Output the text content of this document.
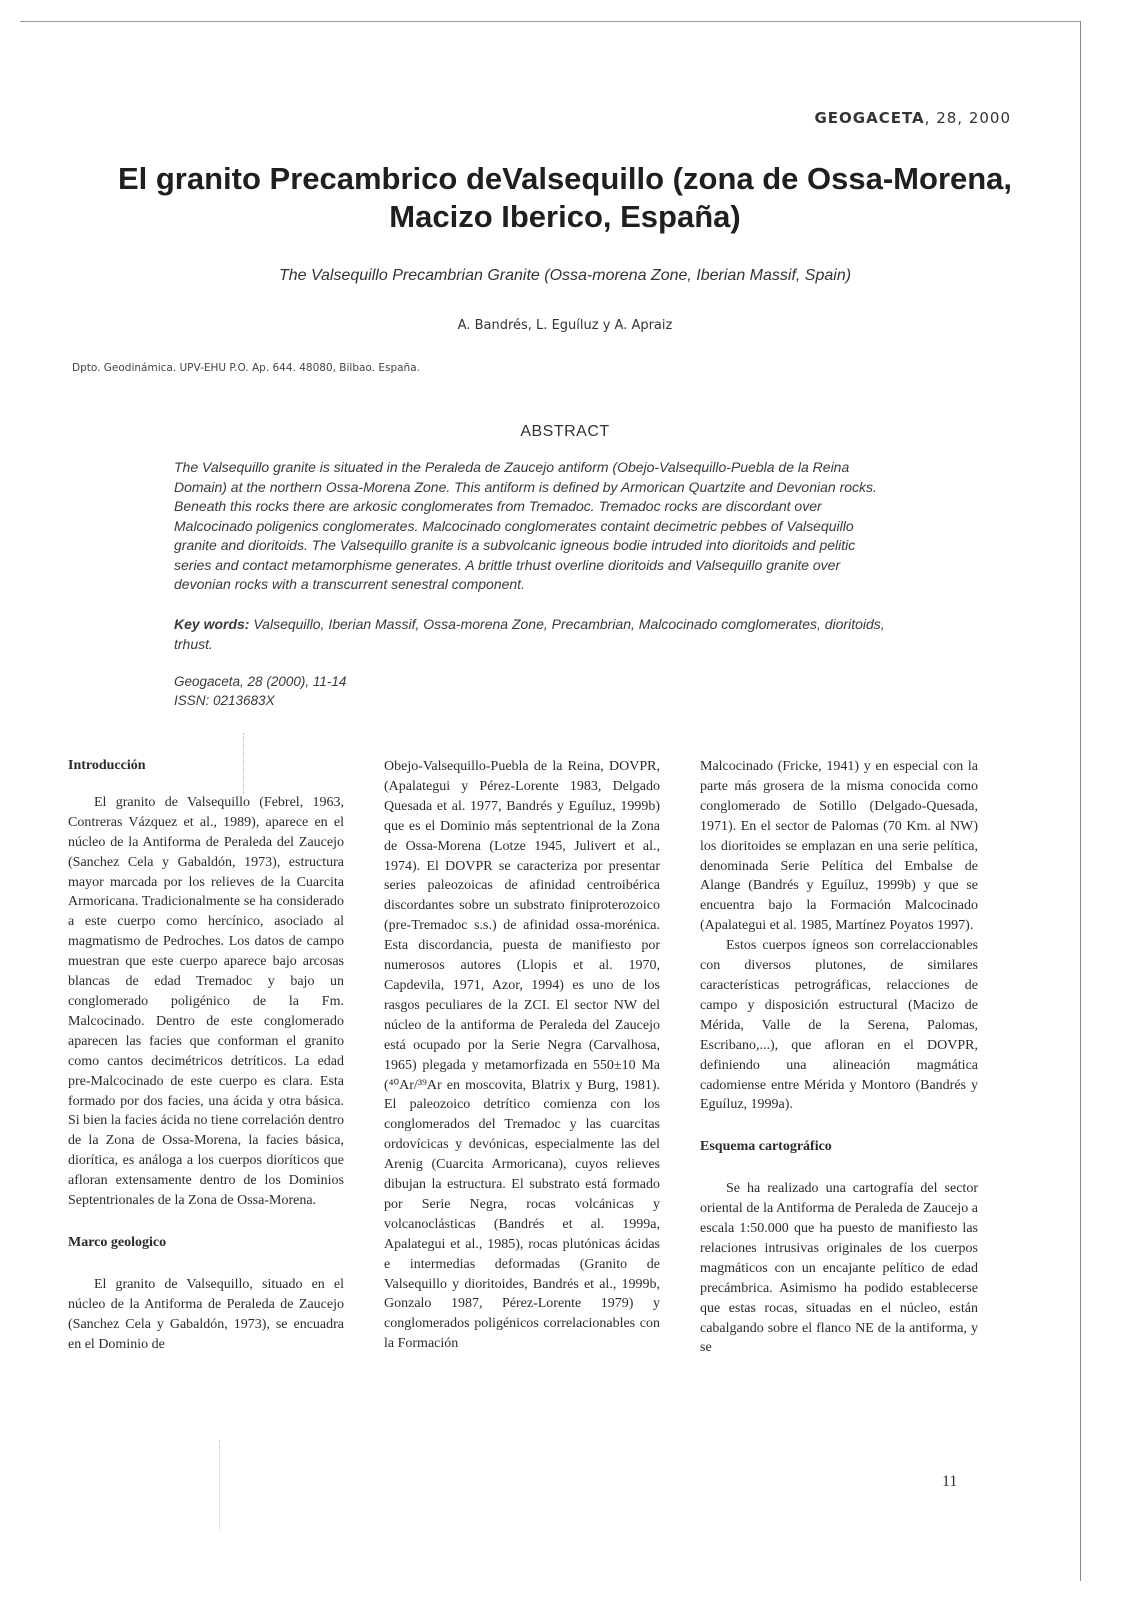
GEOGACETA, 28, 2000
El granito Precambrico deValsequillo (zona de Ossa-Morena,
Macizo Iberico, España)
The Valsequillo Precambrian Granite (Ossa-morena Zone, Iberian Massif, Spain)
A. Bandrés, L. Eguíluz y A. Apraiz
Dpto. Geodinámica. UPV-EHU P.O. Ap. 644. 48080, Bilbao. España.
ABSTRACT

The Valsequillo granite is situated in the Peraleda de Zaucejo antiform (Obejo-Valsequillo-Puebla de la Reina Domain) at the northern Ossa-Morena Zone. This antiform is defined by Armorican Quartzite and Devonian rocks. Beneath this rocks there are arkosic conglomerates from Tremadoc. Tremadoc rocks are discordant over Malcocinado poligenics conglomerates. Malcocinado conglomerates containt decimetric pebbes of Valsequillo granite and dioritoids. The Valsequillo granite is a subvolcanic igneous bodie intruded into dioritoids and pelitic series and contact metamorphisme generates. A brittle trhust overline dioritoids and Valsequillo granite over devonian rocks with a transcurrent senestral component.

Key words: Valsequillo, Iberian Massif, Ossa-morena Zone, Precambrian, Malcocinado comglomerates, dioritoids, trhust.

Geogaceta, 28 (2000), 11-14
ISSN: 0213683X
Introducción

El granito de Valsequillo (Febrel, 1963, Contreras Vázquez et al., 1989), aparece en el núcleo de la Antiforma de Peraleda del Zaucejo (Sanchez Cela y Gabaldón, 1973), estructura mayor marcada por los relieves de la Cuarcita Armoricana. Tradicionalmente se ha considerado a este cuerpo como hercínico, asociado al magmatismo de Pedroches. Los datos de campo muestran que este cuerpo aparece bajo arcosas blancas de edad Tremadoc y bajo un conglomerado poligénico de la Fm. Malcocinado. Dentro de este conglomerado aparecen las facies que conforman el granito como cantos decimétricos detríticos. La edad pre-Malcocinado de este cuerpo es clara. Esta formado por dos facies, una ácida y otra básica. Si bien la facies ácida no tiene correlación dentro de la Zona de Ossa-Morena, la facies básica, diorítica, es análoga a los cuerpos dioríticos que afloran extensamente dentro de los Dominios Septentrionales de la Zona de Ossa-Morena.

Marco geologico

El granito de Valsequillo, situado en el núcleo de la Antiforma de Peraleda de Zaucejo (Sanchez Cela y Gabaldón, 1973), se encuadra en el Dominio de

Obejo-Valsequillo-Puebla de la Reina, DOVPR, (Apalategui y Pérez-Lorente 1983, Delgado Quesada et al. 1977, Bandrés y Eguíluz, 1999b) que es el Dominio más septentrional de la Zona de Ossa-Morena (Lotze 1945, Julivert et al., 1974). El DOVPR se caracteriza por presentar series paleozoicas de afinidad centroibérica discordantes sobre un substrato finiproterozoico (pre-Tremadoc s.s.) de afinidad ossa-morénica. Esta discordancia, puesta de manifiesto por numerosos autores (Llopis et al. 1970, Capdevila, 1971, Azor, 1994) es uno de los rasgos peculiares de la ZCI. El sector NW del núcleo de la antiforma de Peraleda del Zaucejo está ocupado por la Serie Negra (Carvalhosa, 1965) plegada y metamorfizada en 550±10 Ma (⁴⁰Ar/³⁹Ar en moscovita, Blatrix y Burg, 1981). El paleozoico detrítico comienza con los conglomerados del Tremadoc y las cuarcitas ordovícicas y devónicas, especialmente las del Arenig (Cuarcita Armoricana), cuyos relieves dibujan la estructura. El substrato está formado por Serie Negra, rocas volcánicas y volcanoclásticas (Bandrés et al. 1999a, Apalategui et al., 1985), rocas plutónicas ácidas e intermedias deformadas (Granito de Valsequillo y dioritoides, Bandrés et al., 1999b, Gonzalo 1987, Pérez-Lorente 1979) y conglomerados poligénicos correlacionables con la Formación

Malcocinado (Fricke, 1941) y en especial con la parte más grosera de la misma conocida como conglomerado de Sotillo (Delgado-Quesada, 1971). En el sector de Palomas (70 Km. al NW) los dioritoides se emplazan en una serie pelítica, denominada Serie Pelítica del Embalse de Alange (Bandrés y Eguíluz, 1999b) y que se encuentra bajo la Formación Malcocinado (Apalategui et al. 1985, Martínez Poyatos 1997).

Estos cuerpos ígneos son correlaccionables con diversos plutones, de similares características petrográficas, relacciones de campo y disposición estructural (Macizo de Mérida, Valle de la Serena, Palomas, Escribano,...), que afloran en el DOVPR, definiendo una alineación magmática cadomiense entre Mérida y Montoro (Bandrés y Eguíluz, 1999a).

Esquema cartográfico

Se ha realizado una cartografía del sector oriental de la Antiforma de Peraleda de Zaucejo a escala 1:50.000 que ha puesto de manifiesto las relaciones intrusivas originales de los cuerpos magmáticos con un encajante pelítico de edad precámbrica. Asimismo ha podido establecerse que estas rocas, situadas en el núcleo, están cabalgando sobre el flanco NE de la antiforma, y se

11
